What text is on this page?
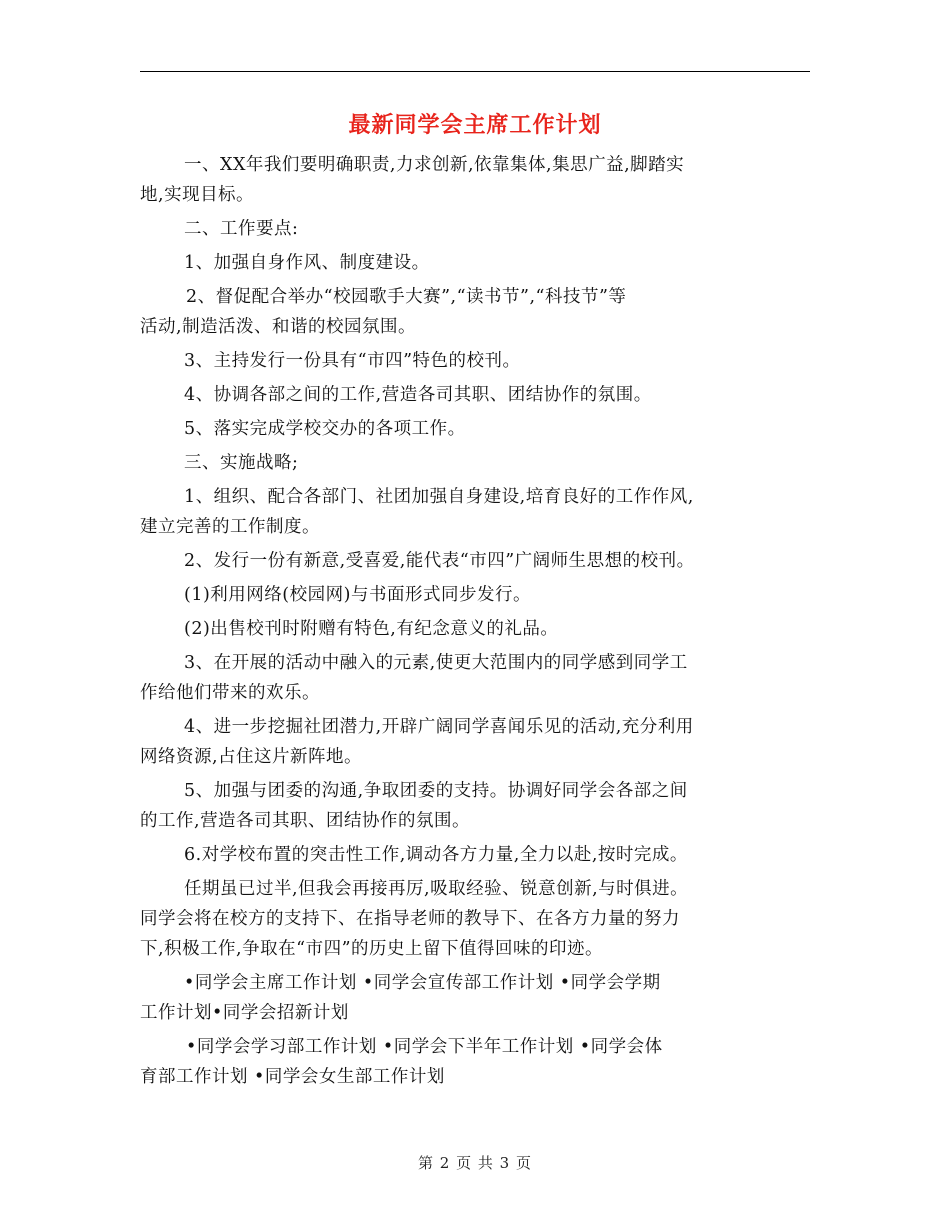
最新同学会主席工作计划
一、XX年我们要明确职责,力求创新,依靠集体,集思广益,脚踏实
地,实现目标。
二、工作要点:
1、加强自身作风、制度建设。
2、督促配合举办“校园歌手大赛”,“读书节”,“科技节”等
活动,制造活泼、和谐的校园氛围。
3、主持发行一份具有“市四”特色的校刊。
4、协调各部之间的工作,营造各司其职、团结协作的氛围。
5、落实完成学校交办的各项工作。
三、实施战略;
1、组织、配合各部门、社团加强自身建设,培育良好的工作作风,
建立完善的工作制度。
2、发行一份有新意,受喜爱,能代表“市四”广阔师生思想的校刊。
(1)利用网络(校园网)与书面形式同步发行。
(2)出售校刊时附赠有特色,有纪念意义的礼品。
3、在开展的活动中融入的元素,使更大范围内的同学感到同学工
作给他们带来的欢乐。
4、进一步挖掘社团潜力,开辟广阔同学喜闻乐见的活动,充分利用
网络资源,占住这片新阵地。
5、加强与团委的沟通,争取团委的支持。协调好同学会各部之间
的工作,营造各司其职、团结协作的氛围。
6.对学校布置的突击性工作,调动各方力量,全力以赴,按时完成。
任期虽已过半,但我会再接再厉,吸取经验、锐意创新,与时俱进。
同学会将在校方的支持下、在指导老师的教导下、在各方力量的努力
下,积极工作,争取在“市四”的历史上留下值得回味的印迹。
•同学会主席工作计划 •同学会宣传部工作计划 •同学会学期
工作计划•同学会招新计划
•同学会学习部工作计划 •同学会下半年工作计划 •同学会体
育部工作计划 •同学会女生部工作计划
第 2 页 共 3 页
